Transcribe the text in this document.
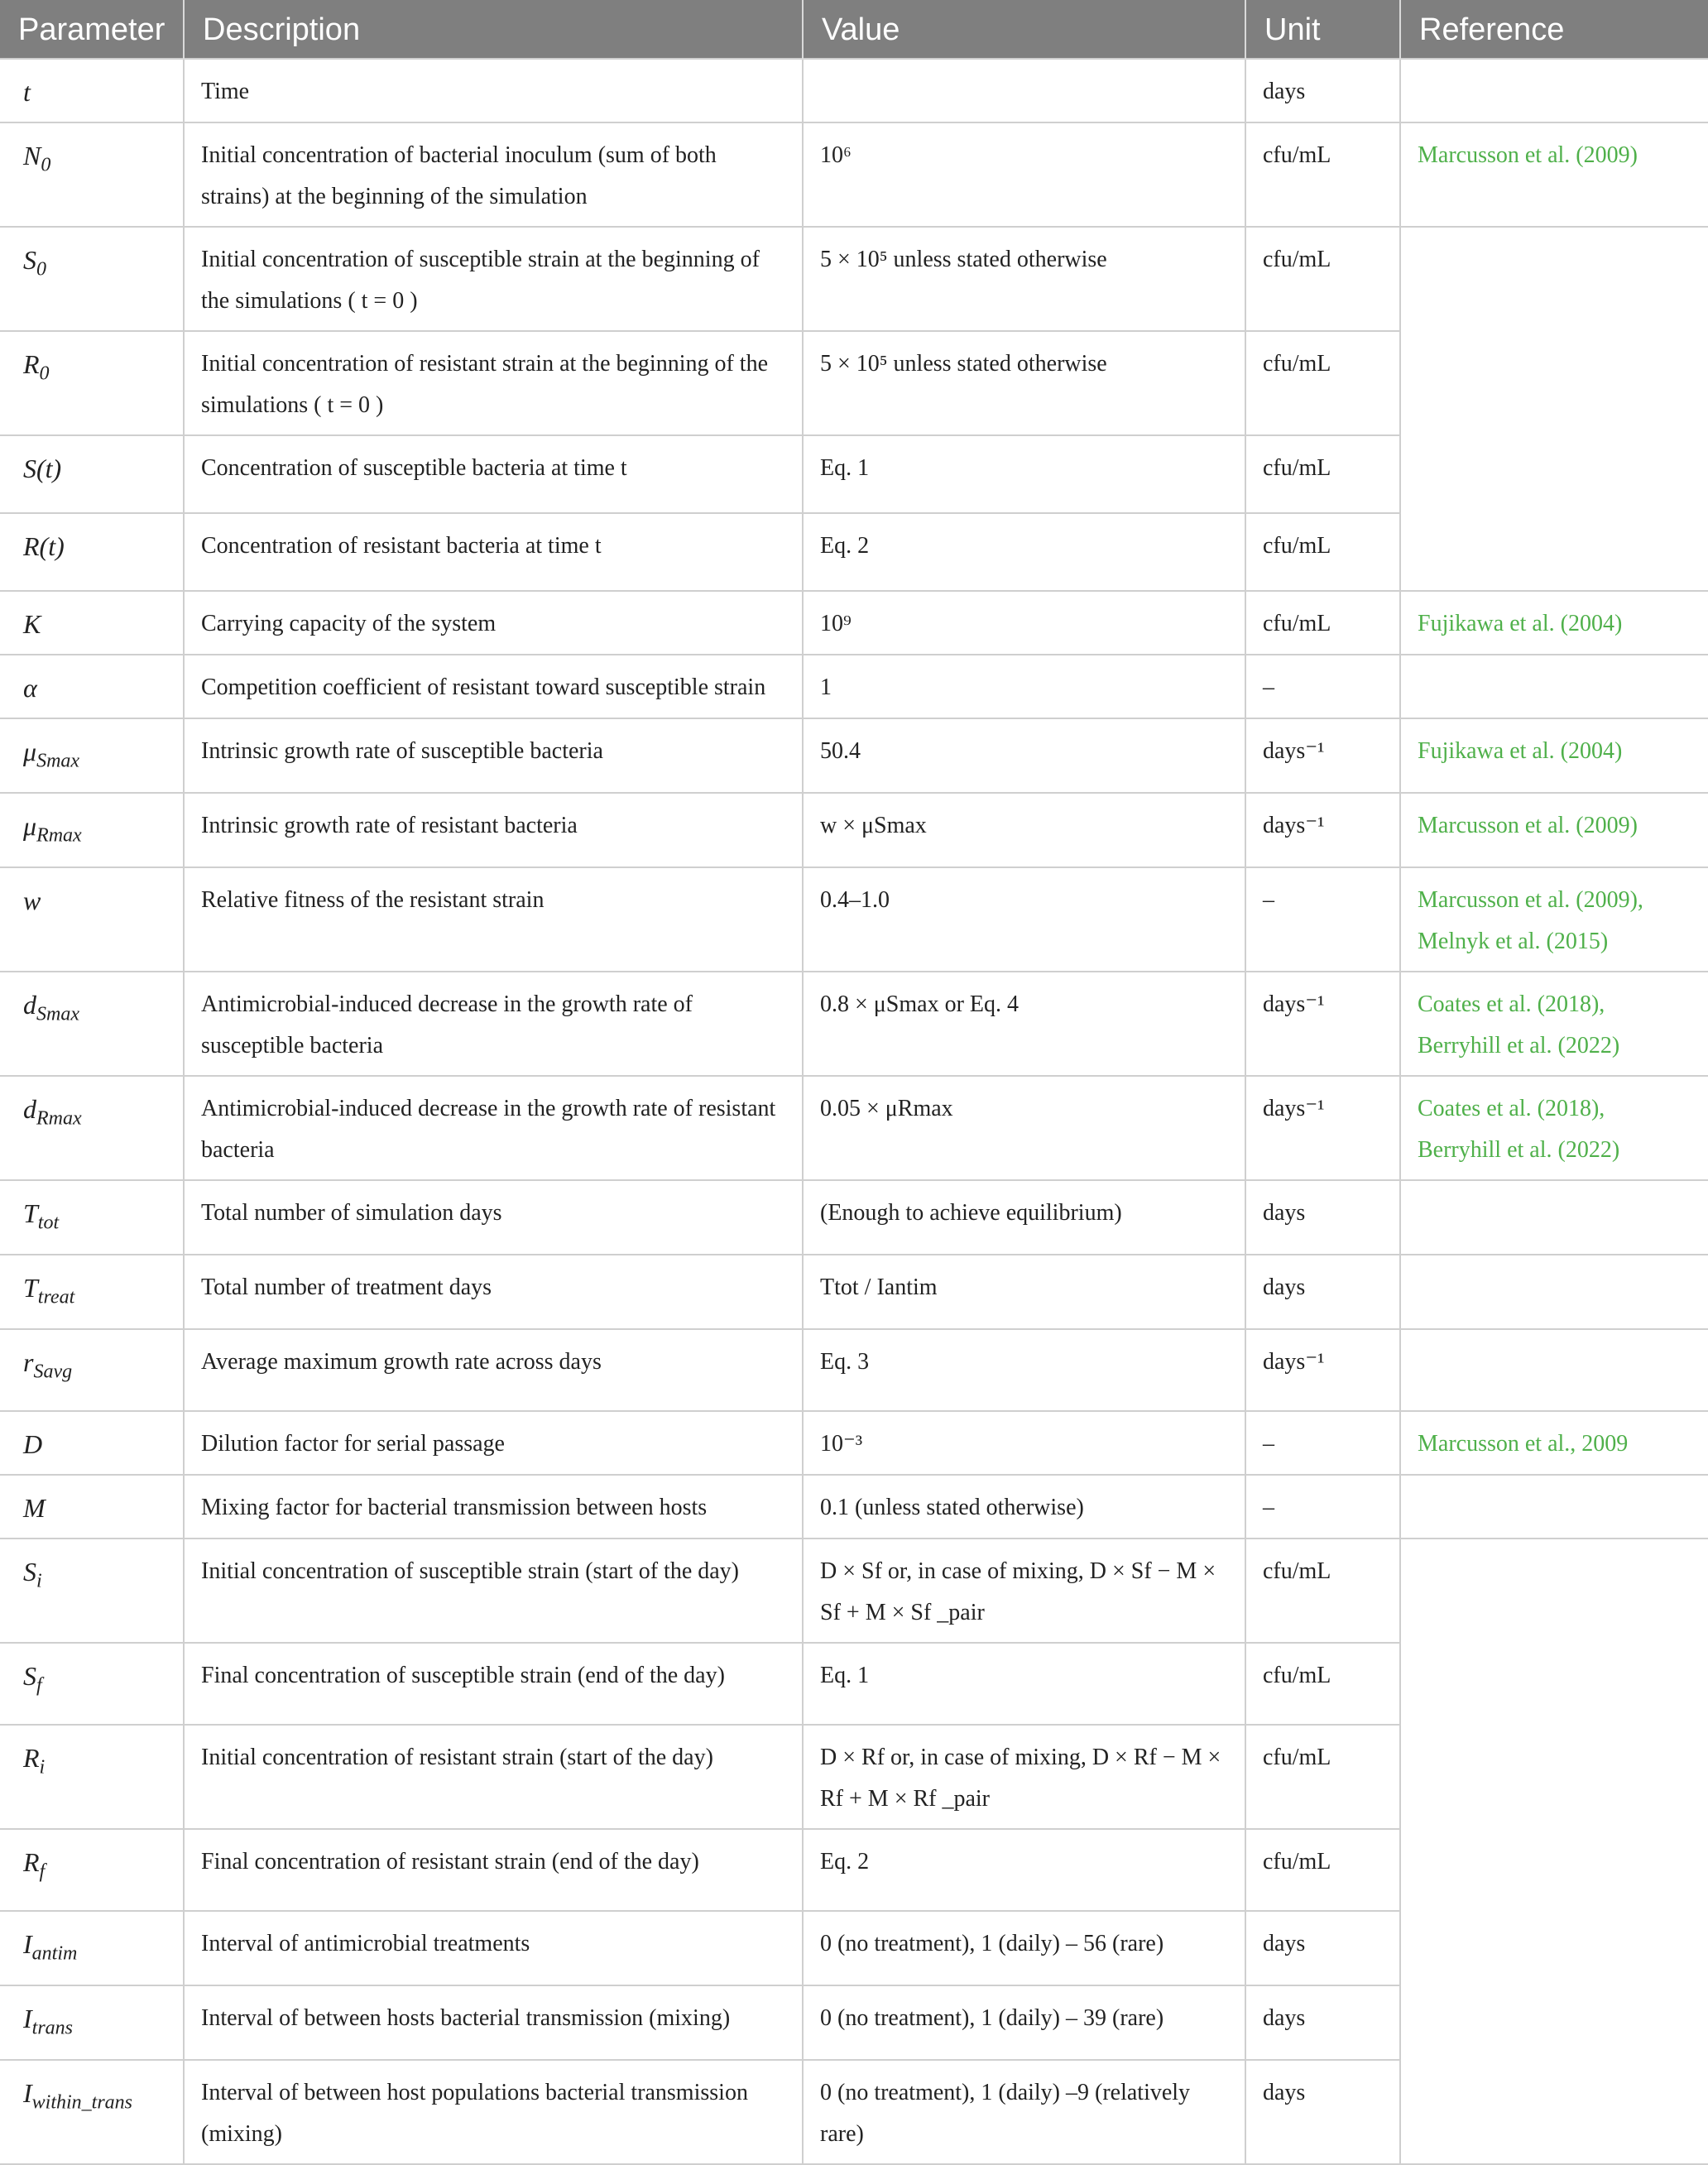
Parameter	Description	Value	Unit	Reference
t	Time		days	
$N_0$	Initial concentration of bacterial inoculum (sum of both strains) at the beginning of the simulation	10⁶	cfu/mL	Marcusson et al. (2009)
$S_0$	Initial concentration of susceptible strain at the beginning of the simulations ( t = 0 )	5 × 10⁵ unless stated otherwise	cfu/mL	
$R_0$	Initial concentration of resistant strain at the beginning of the simulations ( t = 0 )	5 × 10⁵ unless stated otherwise	cfu/mL	
S(t)	Concentration of susceptible bacteria at time t	Eq. 1	cfu/mL	
R(t)	Concentration of resistant bacteria at time t	Eq. 2	cfu/mL	
K	Carrying capacity of the system	10⁹	cfu/mL	Fujikawa et al. (2004)
α	Competition coefficient of resistant toward susceptible strain	1	–	
$\mu_{Smax}$	Intrinsic growth rate of susceptible bacteria	50.4	days⁻¹	Fujikawa et al. (2004)
$\mu_{Rmax}$	Intrinsic growth rate of resistant bacteria	w × μSmax	days⁻¹	Marcusson et al. (2009)
w	Relative fitness of the resistant strain	0.4–1.0	–	Marcusson et al. (2009), Melnyk et al. (2015)
$d_{Smax}$	Antimicrobial-induced decrease in the growth rate of susceptible bacteria	0.8 × μSmax or Eq. 4	days⁻¹	Coates et al. (2018), Berryhill et al. (2022)
$d_{Rmax}$	Antimicrobial-induced decrease in the growth rate of resistant bacteria	0.05 × μRmax	days⁻¹	Coates et al. (2018), Berryhill et al. (2022)
$T_{tot}$	Total number of simulation days	(Enough to achieve equilibrium)	days	
$T_{treat}$	Total number of treatment days	Ttot / Iantim	days	
$r_{Savg}$	Average maximum growth rate across days	Eq. 3	days⁻¹	
D	Dilution factor for serial passage	10⁻³	–	Marcusson et al., 2009
M	Mixing factor for bacterial transmission between hosts	0.1 (unless stated otherwise)	–	
$S_i$	Initial concentration of susceptible strain (start of the day)	D × Sf or, in case of mixing, D × Sf − M × Sf + M × Sf _pair	cfu/mL	
$S_f$	Final concentration of susceptible strain (end of the day)	Eq. 1	cfu/mL	
$R_i$	Initial concentration of resistant strain (start of the day)	D × Rf or, in case of mixing, D × Rf − M × Rf + M × Rf _pair	cfu/mL	
$R_f$	Final concentration of resistant strain (end of the day)	Eq. 2	cfu/mL	
$I_{antim}$	Interval of antimicrobial treatments	0 (no treatment), 1 (daily) – 56 (rare)	days	
$I_{trans}$	Interval of between hosts bacterial transmission (mixing)	0 (no treatment), 1 (daily) – 39 (rare)	days	
$I_{within\_trans}$	Interval of between host populations bacterial transmission (mixing)	0 (no treatment), 1 (daily) –9 (relatively rare)	days	
